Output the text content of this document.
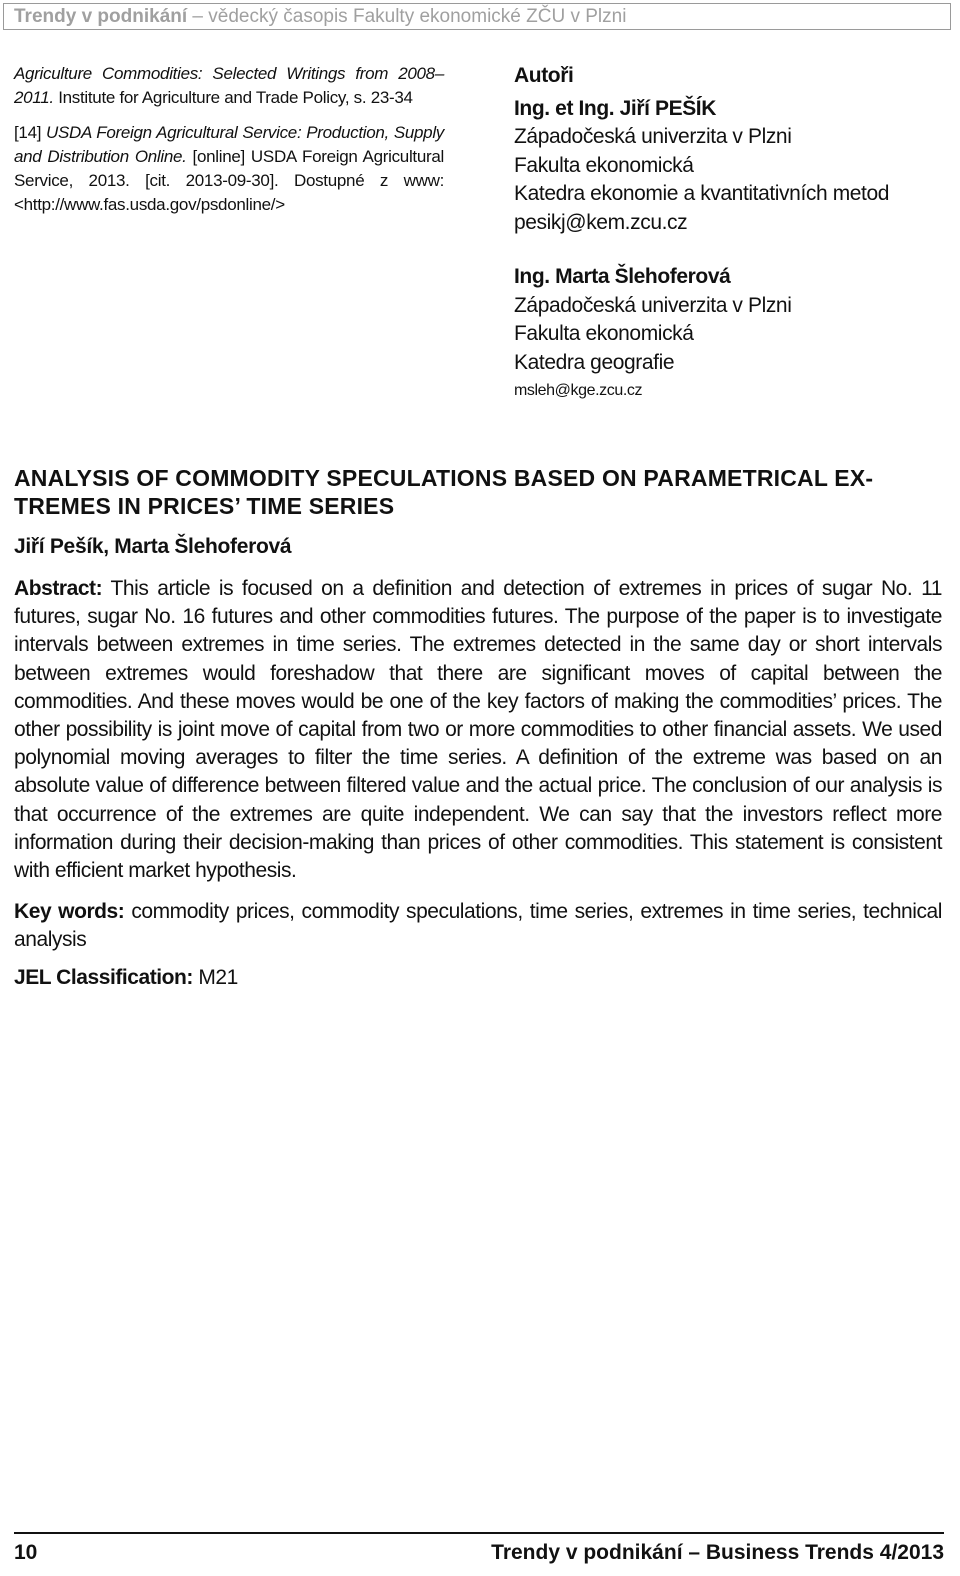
Trendy v podnikání – vědecký časopis Fakulty ekonomické ZČU v Plzni

Agriculture Commodities: Selected Writings from 2008–2011. Institute for Agriculture and Trade Policy, s. 23-34

[14] USDA Foreign Agricultural Service: Production, Supply and Distribution Online. [online] USDA Foreign Agricultural Service, 2013. [cit. 2013-09-30]. Dostupné z www: <http://www.fas.usda.gov/psdonline/>

Autoři
Ing. et Ing. Jiří PEŠÍK
Západočeská univerzita v Plzni
Fakulta ekonomická
Katedra ekonomie a kvantitativních metod
pesikj@kem.zcu.cz
Ing. Marta Šlehoferová
Západočeská univerzita v Plzni
Fakulta ekonomická
Katedra geografie
msleh@kge.zcu.cz
ANALYSIS OF COMMODITY SPECULATIONS BASED ON PARAMETRICAL EX-
TREMES IN PRICES’ TIME SERIES
Jiří Pešík, Marta Šlehoferová
Abstract: This article is focused on a definition and detection of extremes in prices of sugar No. 11 futures, sugar No. 16 futures and other commodities futures. The purpose of the paper is to investigate intervals between extremes in time series. The extremes detected in the same day or short intervals between extremes would foreshadow that there are significant moves of capital between the commodities. And these moves would be one of the key factors of making the commodities’ prices. The other possibility is joint move of capital from two or more commodities to other financial assets. We used polynomial moving averages to filter the time series. A definition of the extreme was based on an absolute value of difference between filtered value and the actual price. The conclusion of our analysis is that occurrence of the extremes are quite independent. We can say that the investors reflect more information during their decision-making than prices of other commodities. This statement is consistent with efficient market hypothesis.
Key words: commodity prices, commodity speculations, time series, extremes in time series, technical analysis
JEL Classification: M21
10	Trendy v podnikání – Business Trends 4/2013
